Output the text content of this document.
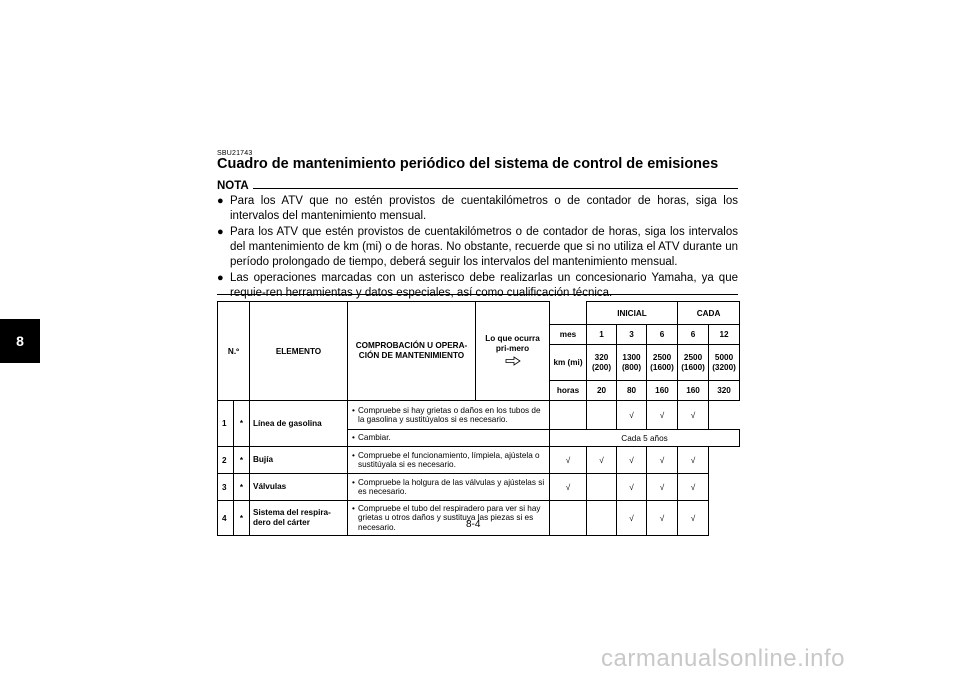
8
SBU21743
Cuadro de mantenimiento periódico del sistema de control de emisiones
NOTA
● Para los ATV que no estén provistos de cuentakilómetros o de contador de horas, siga los intervalos del mantenimiento mensual.
● Para los ATV que estén provistos de cuentakilómetros o de contador de horas, siga los intervalos del mantenimiento de km (mi) o de horas. No obstante, recuerde que si no utiliza el ATV durante un período prolongado de tiempo, deberá seguir los intervalos del mantenimiento mensual.
● Las operaciones marcadas con un asterisco debe realizarlas un concesionario Yamaha, ya que requie-ren herramientas y datos especiales, así como cualificación técnica.
N.º		ELEMENTO	COMPROBACIÓN U OPERA-CIÓN DE MANTENIMIENTO	Lo que ocurra pri-mero		INICIAL			CADA	
					mes	1	3	6	6	12
					km (mi)	320 (200)	1300 (800)	2500 (1600)	2500 (1600)	5000 (3200)
					horas	20	80	160	160	320
1	*	Línea de gasolina	• Compruebe si hay grietas o daños en los tubos de la gasolina y sustitúyalos si es necesario.				√	√	√	
			• Cambiar.		Cada 5 años					
2	*	Bujía	• Compruebe el funcionamiento, límpiela, ajústela o sustitúyala si es necesario.		√	√	√	√	√	
3	*	Válvulas	• Compruebe la holgura de las válvulas y ajústelas si es necesario.		√		√	√	√	
4	*	Sistema del respira-dero del cárter	• Compruebe el tubo del respiradero para ver si hay grietas u otros daños y sustituya las piezas si es necesario.				√	√	√	
8-4
carmanualsonline.info
